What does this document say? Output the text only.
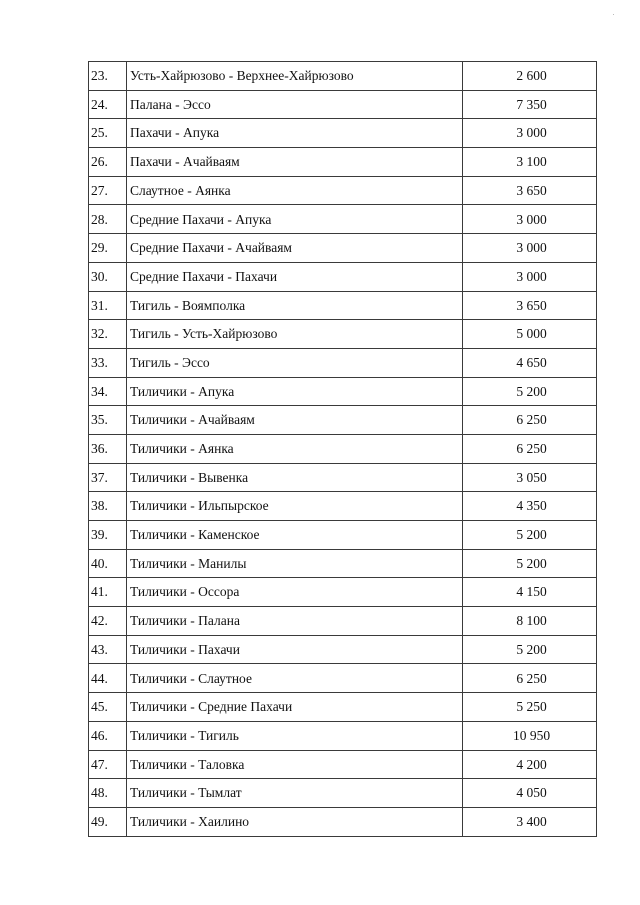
23.	Усть-Хайрюзово - Верхнее-Хайрюзово	2 600
24.	Палана - Эссо	7 350
25.	Пахачи - Апука	3 000
26.	Пахачи - Ачайваям	3 100
27.	Слаутное - Аянка	3 650
28.	Средние Пахачи - Апука	3 000
29.	Средние Пахачи - Ачайваям	3 000
30.	Средние Пахачи - Пахачи	3 000
31.	Тигиль - Воямполка	3 650
32.	Тигиль - Усть-Хайрюзово	5 000
33.	Тигиль - Эссо	4 650
34.	Тиличики - Апука	5 200
35.	Тиличики - Ачайваям	6 250
36.	Тиличики - Аянка	6 250
37.	Тиличики - Вывенка	3 050
38.	Тиличики - Ильпырское	4 350
39.	Тиличики - Каменское	5 200
40.	Тиличики - Манилы	5 200
41.	Тиличики - Оссора	4 150
42.	Тиличики - Палана	8 100
43.	Тиличики - Пахачи	5 200
44.	Тиличики - Слаутное	6 250
45.	Тиличики - Средние Пахачи	5 250
46.	Тиличики - Тигиль	10 950
47.	Тиличики - Таловка	4 200
48.	Тиличики - Тымлат	4 050
49.	Тиличики - Хаилино	3 400
